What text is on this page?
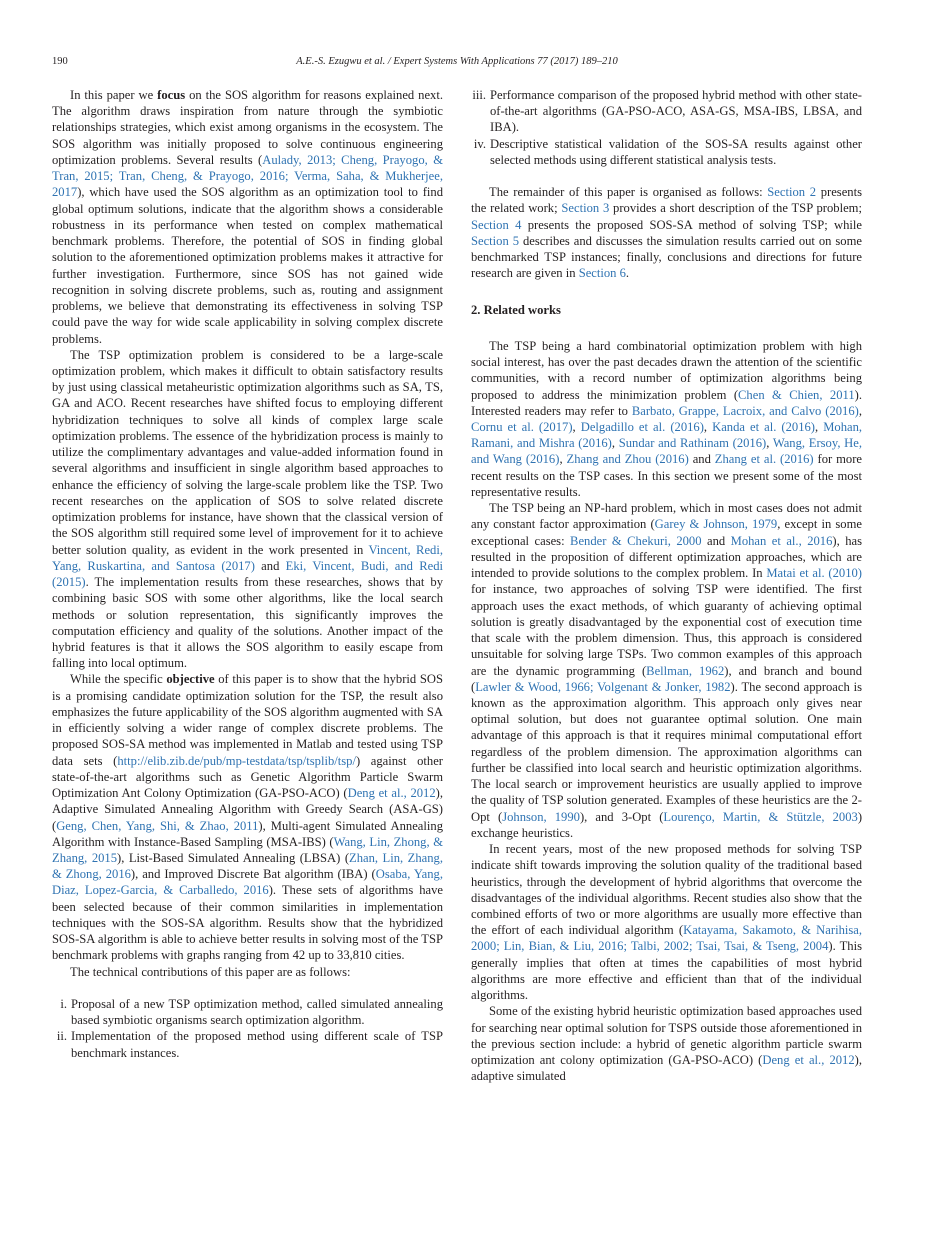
190	A.E.-S. Ezugwu et al. / Expert Systems With Applications 77 (2017) 189–210

In this paper we focus on the SOS algorithm for reasons explained next. The algorithm draws inspiration from nature through the symbiotic relationships strategies, which exist among organisms in the ecosystem. The SOS algorithm was initially proposed to solve continuous engineering optimization problems. Several results (Aulady, 2013; Cheng, Prayogo, & Tran, 2015; Tran, Cheng, & Prayogo, 2016; Verma, Saha, & Mukherjee, 2017), which have used the SOS algorithm as an optimization tool to find global optimum solutions, indicate that the algorithm shows a considerable robustness in its performance when tested on complex mathematical benchmark problems. Therefore, the potential of SOS in finding global solution to the aforementioned optimization problems makes it attractive for further investigation. Furthermore, since SOS has not gained wide recognition in solving discrete problems, such as, routing and assignment problems, we believe that demonstrating its effectiveness in solving TSP could pave the way for wide scale applicability in solving complex discrete problems.

The TSP optimization problem is considered to be a large-scale optimization problem, which makes it difficult to obtain satisfactory results by just using classical metaheuristic optimization algorithms such as SA, TS, GA and ACO. Recent researches have shifted focus to employing different hybridization techniques to solve all kinds of complex large scale optimization problems. The essence of the hybridization process is mainly to utilize the complimentary advantages and value-added information found in several algorithms and insufficient in single algorithm based approaches to enhance the efficiency of solving the large-scale problem like the TSP. Two recent researches on the application of SOS to solve related discrete optimization problems for instance, have shown that the classical version of the SOS algorithm still required some level of improvement for it to achieve better solution quality, as evident in the work presented in Vincent, Redi, Yang, Ruskartina, and Santosa (2017) and Eki, Vincent, Budi, and Redi (2015). The implementation results from these researches, shows that by combining basic SOS with some other algorithms, like the local search methods or solution representation, this significantly improves the computation efficiency and quality of the solutions. Another impact of the hybrid features is that it allows the SOS algorithm to easily escape from falling into local optimum.

While the specific objective of this paper is to show that the hybrid SOS is a promising candidate optimization solution for the TSP, the result also emphasizes the future applicability of the SOS algorithm augmented with SA in efficiently solving a wider range of complex discrete problems. The proposed SOS-SA method was implemented in Matlab and tested using TSP data sets (http://elib.zib.de/pub/mp-testdata/tsp/tsplib/tsp/) against other state-of-the-art algorithms such as Genetic Algorithm Particle Swarm Optimization Ant Colony Optimization (GA-PSO-ACO) (Deng et al., 2012), Adaptive Simulated Annealing Algorithm with Greedy Search (ASA-GS) (Geng, Chen, Yang, Shi, & Zhao, 2011), Multi-agent Simulated Annealing Algorithm with Instance-Based Sampling (MSA-IBS) (Wang, Lin, Zhong, & Zhang, 2015), List-Based Simulated Annealing (LBSA) (Zhan, Lin, Zhang, & Zhong, 2016), and Improved Discrete Bat algorithm (IBA) (Osaba, Yang, Diaz, Lopez-Garcia, & Carballedo, 2016). These sets of algorithms have been selected because of their common similarities in implementation techniques with the SOS-SA algorithm. Results show that the hybridized SOS-SA algorithm is able to achieve better results in solving most of the TSP benchmark problems with graphs ranging from 42 up to 33,810 cities.

The technical contributions of this paper are as follows:

i. Proposal of a new TSP optimization method, called simulated annealing based symbiotic organisms search optimization algorithm.
ii. Implementation of the proposed method using different scale of TSP benchmark instances.
iii. Performance comparison of the proposed hybrid method with other state-of-the-art algorithms (GA-PSO-ACO, ASA-GS, MSA-IBS, LBSA, and IBA).
iv. Descriptive statistical validation of the SOS-SA results against other selected methods using different statistical analysis tests.

The remainder of this paper is organised as follows: Section 2 presents the related work; Section 3 provides a short description of the TSP problem; Section 4 presents the proposed SOS-SA method of solving TSP; while Section 5 describes and discusses the simulation results carried out on some benchmarked TSP instances; finally, conclusions and directions for future research are given in Section 6.

2. Related works

The TSP being a hard combinatorial optimization problem with high social interest, has over the past decades drawn the attention of the scientific communities, with a record number of optimization algorithms being proposed to address the minimization problem (Chen & Chien, 2011). Interested readers may refer to Barbato, Grappe, Lacroix, and Calvo (2016), Cornu et al. (2017), Delgadillo et al. (2016), Kanda et al. (2016), Mohan, Ramani, and Mishra (2016), Sundar and Rathinam (2016), Wang, Ersoy, He, and Wang (2016), Zhang and Zhou (2016) and Zhang et al. (2016) for more recent results on the TSP cases. In this section we present some of the most representative results.

The TSP being an NP-hard problem, which in most cases does not admit any constant factor approximation (Garey & Johnson, 1979, except in some exceptional cases: Bender & Chekuri, 2000 and Mohan et al., 2016), has resulted in the proposition of different optimization approaches, which are intended to provide solutions to the complex problem. In Matai et al. (2010) for instance, two approaches of solving TSP were identified. The first approach uses the exact methods, of which guaranty of achieving optimal solution is greatly disadvantaged by the exponential cost of execution time that scale with the problem dimension. Thus, this approach is considered unsuitable for solving large TSPs. Two common examples of this approach are the dynamic programming (Bellman, 1962), and branch and bound (Lawler & Wood, 1966; Volgenant & Jonker, 1982). The second approach is known as the approximation algorithm. This approach only gives near optimal solution, but does not guarantee optimal solution. One main advantage of this approach is that it requires minimal computational effort regardless of the problem dimension. The approximation algorithms can further be classified into local search and heuristic optimization algorithms. The local search or improvement heuristics are usually applied to improve the quality of TSP solution generated. Examples of these heuristics are the 2-Opt (Johnson, 1990), and 3-Opt (Lourenço, Martin, & Stützle, 2003) exchange heuristics.

In recent years, most of the new proposed methods for solving TSP indicate shift towards improving the solution quality of the traditional based heuristics, through the development of hybrid algorithms that overcome the disadvantages of the individual algorithms. Recent studies also show that the combined efforts of two or more algorithms are usually more effective than the effort of each individual algorithm (Katayama, Sakamoto, & Narihisa, 2000; Lin, Bian, & Liu, 2016; Talbi, 2002; Tsai, Tsai, & Tseng, 2004). This generally implies that often at times the capabilities of most hybrid algorithms are more effective and efficient than that of the individual algorithms.

Some of the existing hybrid heuristic optimization based approaches used for searching near optimal solution for TSPS outside those aforementioned in the previous section include: a hybrid of genetic algorithm particle swarm optimization ant colony optimization (GA-PSO-ACO) (Deng et al., 2012), adaptive simulated
